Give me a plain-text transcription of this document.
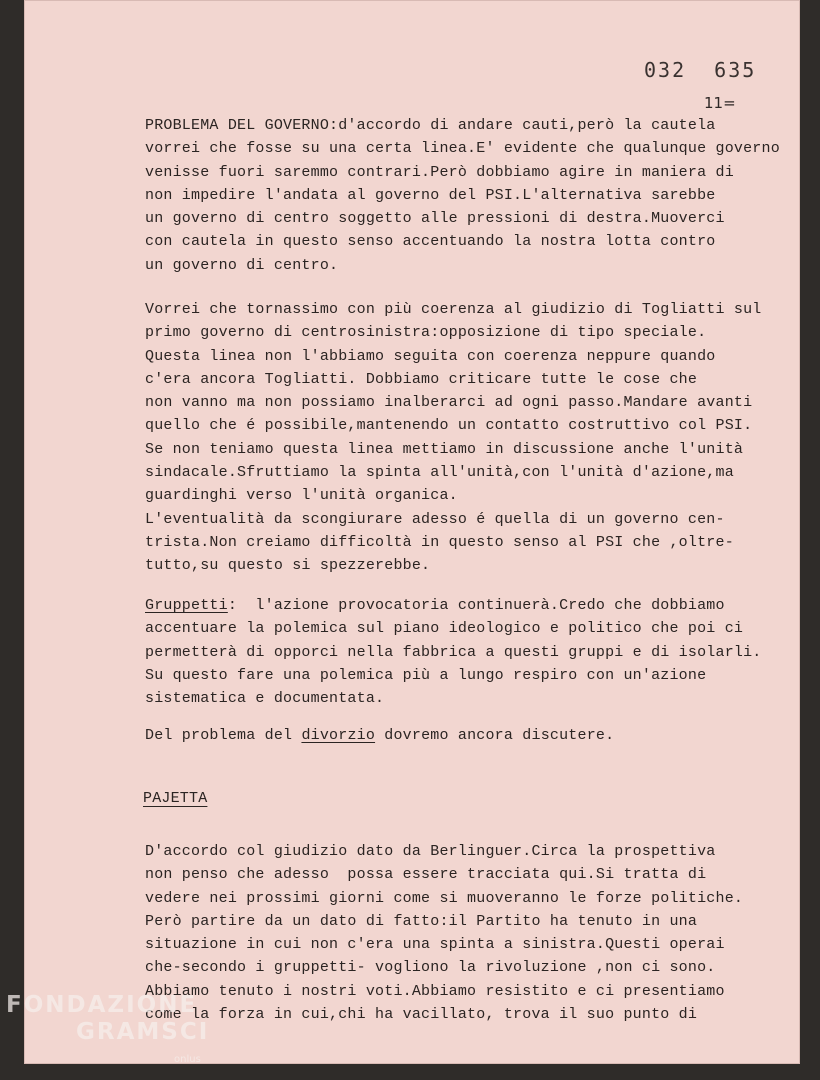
032 635
11=
PROBLEMA DEL GOVERNO:d'accordo di andare cauti,però la cautela
vorrei che fosse su una certa linea.E' evidente che qualunque governo
venisse fuori saremmo contrari.Però dobbiamo agire in maniera di
non impedire l'andata al governo del PSI.L'alternativa sarebbe
un governo di centro soggetto alle pressioni di destra.Muoverci
con cautela in questo senso accentuando la nostra lotta contro
un governo di centro.
Vorrei che tornassimo con più coerenza al giudizio di Togliatti sul
primo governo di centrosinistra:opposizione di tipo speciale.
Questa linea non l'abbiamo seguita con coerenza neppure quando
c'era ancora Togliatti. Dobbiamo criticare tutte le cose che
non vanno ma non possiamo inalberarci ad ogni passo.Mandare avanti
quello che é possibile,mantenendo un contatto costruttivo col PSI.
Se non teniamo questa linea mettiamo in discussione anche l'unità
sindacale.Sfruttiamo la spinta all'unità,con l'unità d'azione,ma
guardinghi verso l'unità organica.
L'eventualità da scongiurare adesso é quella di un governo cen-
trista.Non creiamo difficoltà in questo senso al PSI che ,oltre-
tutto,su questo si spezzerebbe.
Gruppetti:  l'azione provocatoria continuerà.Credo che dobbiamo
accentuare la polemica sul piano ideologico e politico che poi ci
permetterà di opporci nella fabbrica a questi gruppi e di isolarli.
Su questo fare una polemica più a lungo respiro con un'azione
sistematica e documentata.
Del problema del divorzio dovremo ancora discutere.
PAJETTA
D'accordo col giudizio dato da Berlinguer.Circa la prospettiva
non penso che adesso  possa essere tracciata qui.Si tratta di
vedere nei prossimi giorni come si muoveranno le forze politiche.
Però partire da un dato di fatto:il Partito ha tenuto in una
situazione in cui non c'era una spinta a sinistra.Questi operai
che-secondo i gruppetti- vogliono la rivoluzione ,non ci sono.
Abbiamo tenuto i nostri voti.Abbiamo resistito e ci presentiamo
come la forza in cui,chi ha vacillato, trova il suo punto di
FONDAZIONE
GRAMSCI
onlus
